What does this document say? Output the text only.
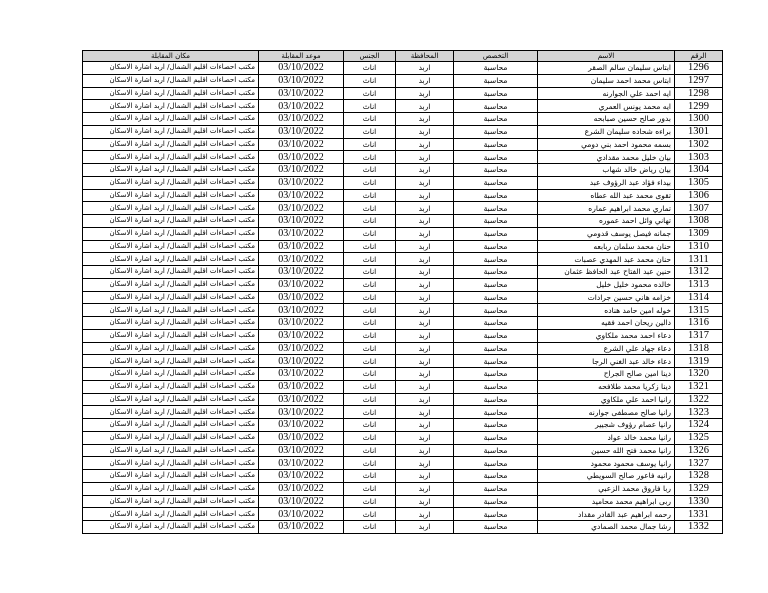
الرقم	الاسم	التخصص	المحافظة	الجنس	موعد المقابلة	مكان المقابلة
1296	ابتاس سليمان سالم الصقر	محاسبة	اربد	اناث	03/10/2022	مكتب احصاءات اقليم الشمال/ اربد اشارة الاسكان
1297	ابتاس محمد احمد سليمان	محاسبة	اربد	اناث	03/10/2022	مكتب احصاءات اقليم الشمال/ اربد اشارة الاسكان
1298	ايه احمد علي الجوارنه	محاسبة	اربد	اناث	03/10/2022	مكتب احصاءات اقليم الشمال/ اربد اشارة الاسكان
1299	ايه محمد يونس العمري	محاسبة	اربد	اناث	03/10/2022	مكتب احصاءات اقليم الشمال/ اربد اشارة الاسكان
1300	بدور صالح حسين صبابحه	محاسبة	اربد	اناث	03/10/2022	مكتب احصاءات اقليم الشمال/ اربد اشارة الاسكان
1301	براءه شحاده سليمان الشرع	محاسبة	اربد	اناث	03/10/2022	مكتب احصاءات اقليم الشمال/ اربد اشارة الاسكان
1302	بسمه محمود احمد بني دومي	محاسبة	اربد	اناث	03/10/2022	مكتب احصاءات اقليم الشمال/ اربد اشارة الاسكان
1303	بيان خليل محمد مقدادي	محاسبة	اربد	اناث	03/10/2022	مكتب احصاءات اقليم الشمال/ اربد اشارة الاسكان
1304	بيان رياض خالد شهاب	محاسبة	اربد	اناث	03/10/2022	مكتب احصاءات اقليم الشمال/ اربد اشارة الاسكان
1305	بيداء فؤاد عبد الرؤوف عبد	محاسبة	اربد	اناث	03/10/2022	مكتب احصاءات اقليم الشمال/ اربد اشارة الاسكان
1306	تقوى محمد عبد الله عطاه	محاسبة	اربد	اناث	03/10/2022	مكتب احصاءات اقليم الشمال/ اربد اشارة الاسكان
1307	تماري محمد ابراهيم عماره	محاسبة	اربد	اناث	03/10/2022	مكتب احصاءات اقليم الشمال/ اربد اشارة الاسكان
1308	تهاني وائل احمد عموره	محاسبة	اربد	اناث	03/10/2022	مكتب احصاءات اقليم الشمال/ اربد اشارة الاسكان
1309	جمانه فيصل يوسف قدومي	محاسبة	اربد	اناث	03/10/2022	مكتب احصاءات اقليم الشمال/ اربد اشارة الاسكان
1310	حنان محمد سلمان ربابعه	محاسبة	اربد	اناث	03/10/2022	مكتب احصاءات اقليم الشمال/ اربد اشارة الاسكان
1311	حنان محمد عبد المهدي عصبات	محاسبة	اربد	اناث	03/10/2022	مكتب احصاءات اقليم الشمال/ اربد اشارة الاسكان
1312	حنين عبد الفتاح عبد الحافظ عثمان	محاسبة	اربد	اناث	03/10/2022	مكتب احصاءات اقليم الشمال/ اربد اشارة الاسكان
1313	خالده محمود خليل خليل	محاسبة	اربد	اناث	03/10/2022	مكتب احصاءات اقليم الشمال/ اربد اشارة الاسكان
1314	خزامه هاني حسين جرادات	محاسبة	اربد	اناث	03/10/2022	مكتب احصاءات اقليم الشمال/ اربد اشارة الاسكان
1315	خوله امين حامد هناده	محاسبة	اربد	اناث	03/10/2022	مكتب احصاءات اقليم الشمال/ اربد اشارة الاسكان
1316	دالين ريحان احمد فقيه	محاسبة	اربد	اناث	03/10/2022	مكتب احصاءات اقليم الشمال/ اربد اشارة الاسكان
1317	دعاء احمد محمد ملكاوي	محاسبة	اربد	اناث	03/10/2022	مكتب احصاءات اقليم الشمال/ اربد اشارة الاسكان
1318	دعاء جهاد علي الشرع	محاسبة	اربد	اناث	03/10/2022	مكتب احصاءات اقليم الشمال/ اربد اشارة الاسكان
1319	دعاء خالد عبد الغني الرجا	محاسبة	اربد	اناث	03/10/2022	مكتب احصاءات اقليم الشمال/ اربد اشارة الاسكان
1320	دينا امين صالح الجراح	محاسبة	اربد	اناث	03/10/2022	مكتب احصاءات اقليم الشمال/ اربد اشارة الاسكان
1321	دينا زكريا محمد طلافحه	محاسبة	اربد	اناث	03/10/2022	مكتب احصاءات اقليم الشمال/ اربد اشارة الاسكان
1322	رانيا احمد علي ملكاوي	محاسبة	اربد	اناث	03/10/2022	مكتب احصاءات اقليم الشمال/ اربد اشارة الاسكان
1323	رانيا صالح مصطفى جوارنه	محاسبة	اربد	اناث	03/10/2022	مكتب احصاءات اقليم الشمال/ اربد اشارة الاسكان
1324	رانيا عصام رؤوف شجيير	محاسبة	اربد	اناث	03/10/2022	مكتب احصاءات اقليم الشمال/ اربد اشارة الاسكان
1325	رانيا محمد خالد عواد	محاسبة	اربد	اناث	03/10/2022	مكتب احصاءات اقليم الشمال/ اربد اشارة الاسكان
1326	رانيا محمد فتح الله حسين	محاسبة	اربد	اناث	03/10/2022	مكتب احصاءات اقليم الشمال/ اربد اشارة الاسكان
1327	رانيا يوسف محمود محمود	محاسبة	اربد	اناث	03/10/2022	مكتب احصاءات اقليم الشمال/ اربد اشارة الاسكان
1328	رانيه فاعور صالح السويطي	محاسبة	اربد	اناث	03/10/2022	مكتب احصاءات اقليم الشمال/ اربد اشارة الاسكان
1329	ربا فاروق محمد الزعبي	محاسبة	اربد	اناث	03/10/2022	مكتب احصاءات اقليم الشمال/ اربد اشارة الاسكان
1330	ربى ابراهيم محمد محاميد	محاسبة	اربد	اناث	03/10/2022	مكتب احصاءات اقليم الشمال/ اربد اشارة الاسكان
1331	رحمه ابراهيم عبد القادر مقداد	محاسبة	اربد	اناث	03/10/2022	مكتب احصاءات اقليم الشمال/ اربد اشارة الاسكان
1332	رشا جمال محمد الصمادي	محاسبة	اربد	اناث	03/10/2022	مكتب احصاءات اقليم الشمال/ اربد اشارة الاسكان
